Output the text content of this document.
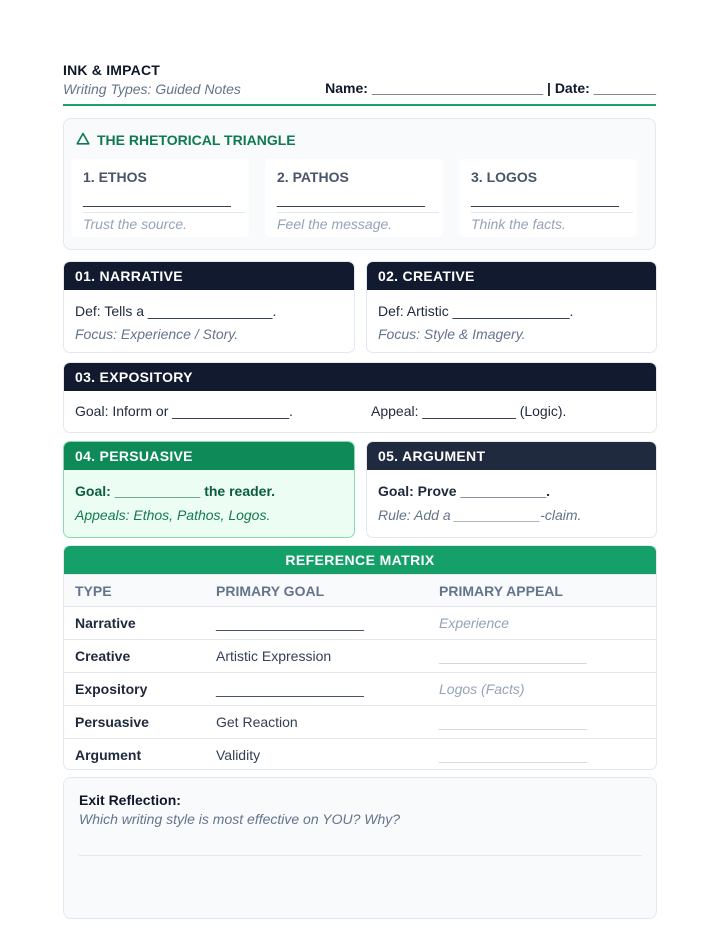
INK & IMPACT
Writing Types: Guided Notes	Name: ______________________ | Date: ________
THE RHETORICAL TRIANGLE
1. ETHOS
___________________
Trust the source.
2. PATHOS
___________________
Feel the message.
3. LOGOS
___________________
Think the facts.
01. NARRATIVE
Def: Tells a ________________.
Focus: Experience / Story.
02. CREATIVE
Def: Artistic _______________.
Focus: Style & Imagery.
03. EXPOSITORY
Goal: Inform or _______________.	Appeal: ____________ (Logic).
04. PERSUASIVE
Goal: ___________ the reader.
Appeals: Ethos, Pathos, Logos.
05. ARGUMENT
Goal: Prove ___________.
Rule: Add a ___________-claim.
REFERENCE MATRIX
TYPE	PRIMARY GOAL	PRIMARY APPEAL
Narrative	___________________	Experience
Creative	Artistic Expression	___________________
Expository	___________________	Logos (Facts)
Persuasive	Get Reaction	___________________
Argument	Validity	___________________
Exit Reflection:
Which writing style is most effective on YOU? Why?
